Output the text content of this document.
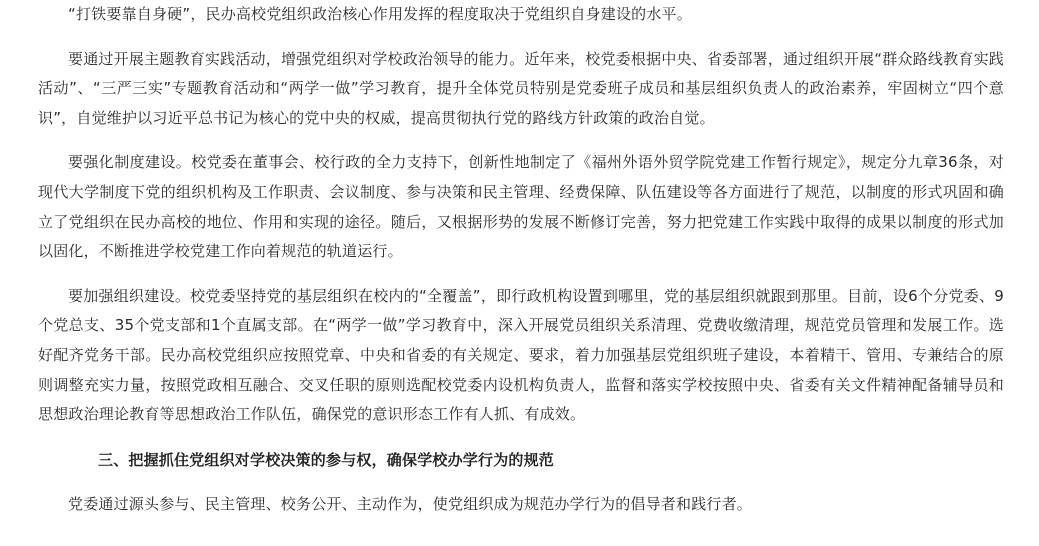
“打铁要靠自身硬”，民办高校党组织政治核心作用发挥的程度取决于党组织自身建设的水平。

要通过开展主题教育实践活动，增强党组织对学校政治领导的能力。近年来，校党委根据中央、省委部署，通过组织开展“群众路线教育实践活动”、“三严三实”专题教育活动和“两学一做”学习教育，提升全体党员特别是党委班子成员和基层组织负责人的政治素养，牢固树立“四个意识”，自觉维护以习近平总书记为核心的党中央的权威，提高贯彻执行党的路线方针政策的政治自觉。

要强化制度建设。校党委在董事会、校行政的全力支持下，创新性地制定了《福州外语外贸学院党建工作暂行规定》，规定分九章36条，对现代大学制度下党的组织机构及工作职责、会议制度、参与决策和民主管理、经费保障、队伍建设等各方面进行了规范，以制度的形式巩固和确立了党组织在民办高校的地位、作用和实现的途径。随后，又根据形势的发展不断修订完善，努力把党建工作实践中取得的成果以制度的形式加以固化，不断推进学校党建工作向着规范的轨道运行。

要加强组织建设。校党委坚持党的基层组织在校内的“全覆盖”，即行政机构设置到哪里，党的基层组织就跟到那里。目前，设6个分党委、9个党总支、35个党支部和1个直属支部。在“两学一做”学习教育中，深入开展党员组织关系清理、党费收缴清理，规范党员管理和发展工作。选好配齐党务干部。民办高校党组织应按照党章、中央和省委的有关规定、要求，着力加强基层党组织班子建设，本着精干、管用、专兼结合的原则调整充实力量，按照党政相互融合、交叉任职的原则选配校党委内设机构负责人，监督和落实学校按照中央、省委有关文件精神配备辅导员和思想政治理论教育等思想政治工作队伍，确保党的意识形态工作有人抓、有成效。

三、把握抓住党组织对学校决策的参与权，确保学校办学行为的规范

党委通过源头参与、民主管理、校务公开、主动作为，使党组织成为规范办学行为的倡导者和践行者。
